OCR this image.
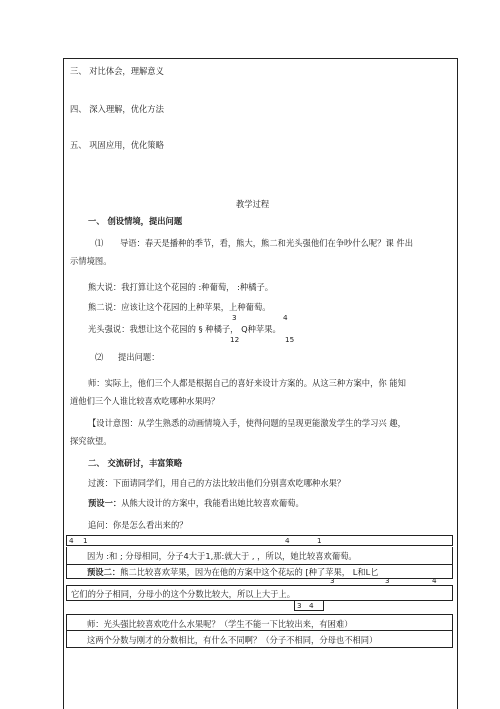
三、 对比体会，理解意义
四、 深入理解，优化方法
五、 巩固应用，优化策略
教学过程
一、 创设情境，提出问题
⑴ 导语：春天是播种的季节，看，熊大，熊二和光头强他们在争吵什么呢？课 件出
示情境图。
熊大说：我打算让这个花园的 :种葡萄， :种橘子。
熊二说：应该让这个花园的上种苹果，上种葡萄。
3	4
光头强说：我想让这个花园的 § 种橘子， Q种苹果。
12	15
⑵ 提出问题：
师：实际上，他们三个人都是根据自己的喜好来设计方案的。从这三种方案中，你 能知
道他们三个人谁比较喜欢吃哪种水果吗？
【设计意图：从学生熟悉的动画情境入手，使得问题的呈现更能激发学生的学习兴 趣，
探究欲望。
二、 交流研讨，丰富策略
过渡：下面请同学们，用自己的方法比较出他们分别喜欢吃哪种水果？
预设一：从熊大设计的方案中，我能看出她比较喜欢葡萄。
追问：你是怎么看出来的？
4 1	4	1
因为 :和 ; 分母相同，分子4大于1,那:就大于 , ，所以，她比较喜欢葡萄。
预设二：熊二比较喜欢苹果，因为在他的方案中这个花坛的 [种了苹果， L和L匕
3	3	4
它们的分子相同，分母小的这个分数比较大，所以上大于上。
3 4
师：光头强比较喜欢吃什么水果呢？（学生不能一下比较出来，有困难）
这两个分数与刚才的分数相比，有什么不同啊？（分子不相同，分母也不相同）
